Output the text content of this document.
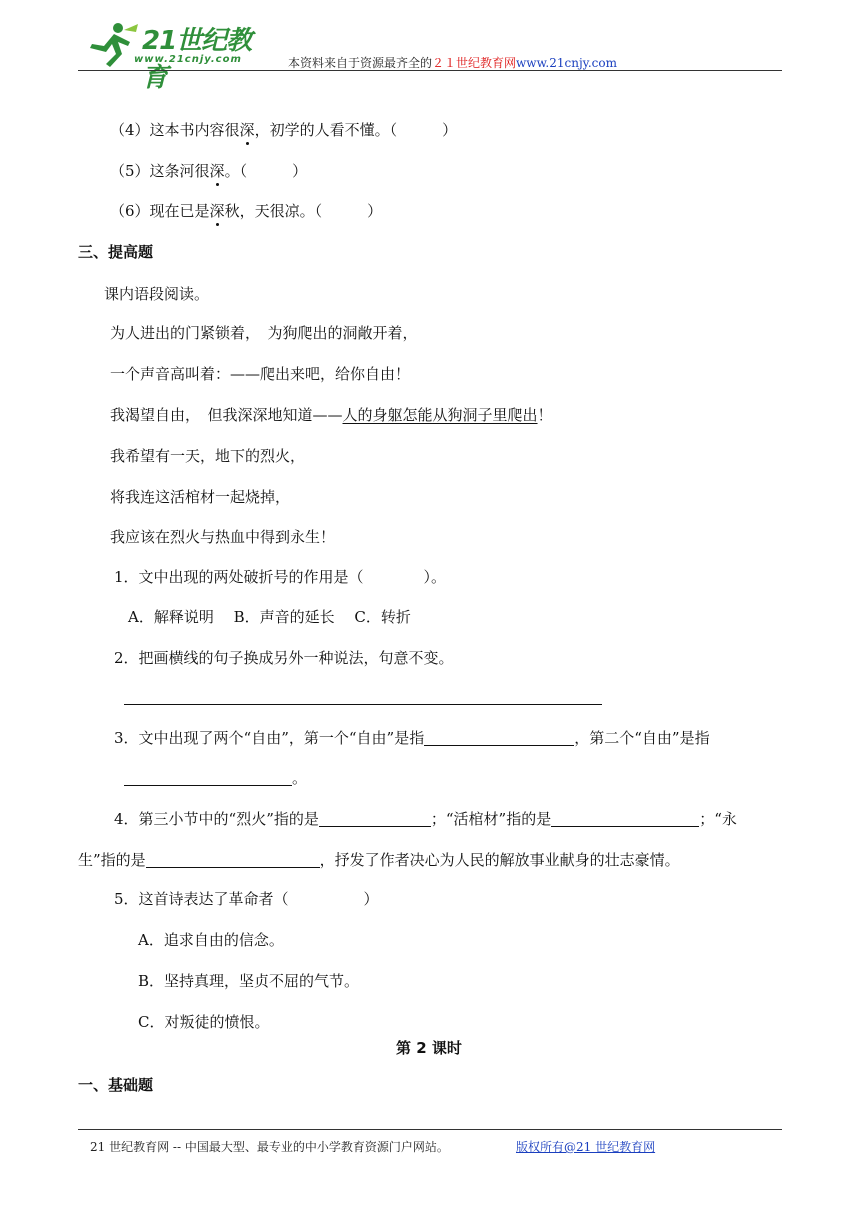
21世纪教育
www.21cnjy.com	本资料来自于资源最齐全的２１世纪教育网www.21cnjy.com
（4）这本书内容很深，初学的人看不懂。（　　　）
（5）这条河很深。（　　　）
（6）现在已是深秋，天很凉。（　　　）
三、提高题
课内语段阅读。
为人进出的门紧锁着，　为狗爬出的洞敞开着，
一个声音高叫着：——爬出来吧，给你自由！
我渴望自由，　但我深深地知道——人的身躯怎能从狗洞子里爬出！
我希望有一天，地下的烈火，
将我连这活棺材一起烧掉，
我应该在烈火与热血中得到永生！
1．文中出现的两处破折号的作用是（　　　　）。
A．解释说明　 B．声音的延长　 C．转折
2．把画横线的句子换成另外一种说法，句意不变。
3．文中出现了两个“自由”，第一个“自由”是指	，第二个“自由”是指
。
4．第三小节中的“烈火”指的是	；“活棺材”指的是	；“永
生”指的是	，抒发了作者决心为人民的解放事业献身的壮志豪情。
5．这首诗表达了革命者（　　　　　）
A．追求自由的信念。
B．坚持真理，坚贞不屈的气节。
C．对叛徒的愤恨。
第 2 课时
一、基础题
21 世纪教育网 -- 中国最大型、最专业的中小学教育资源门户网站。	版权所有@21 世纪教育网
